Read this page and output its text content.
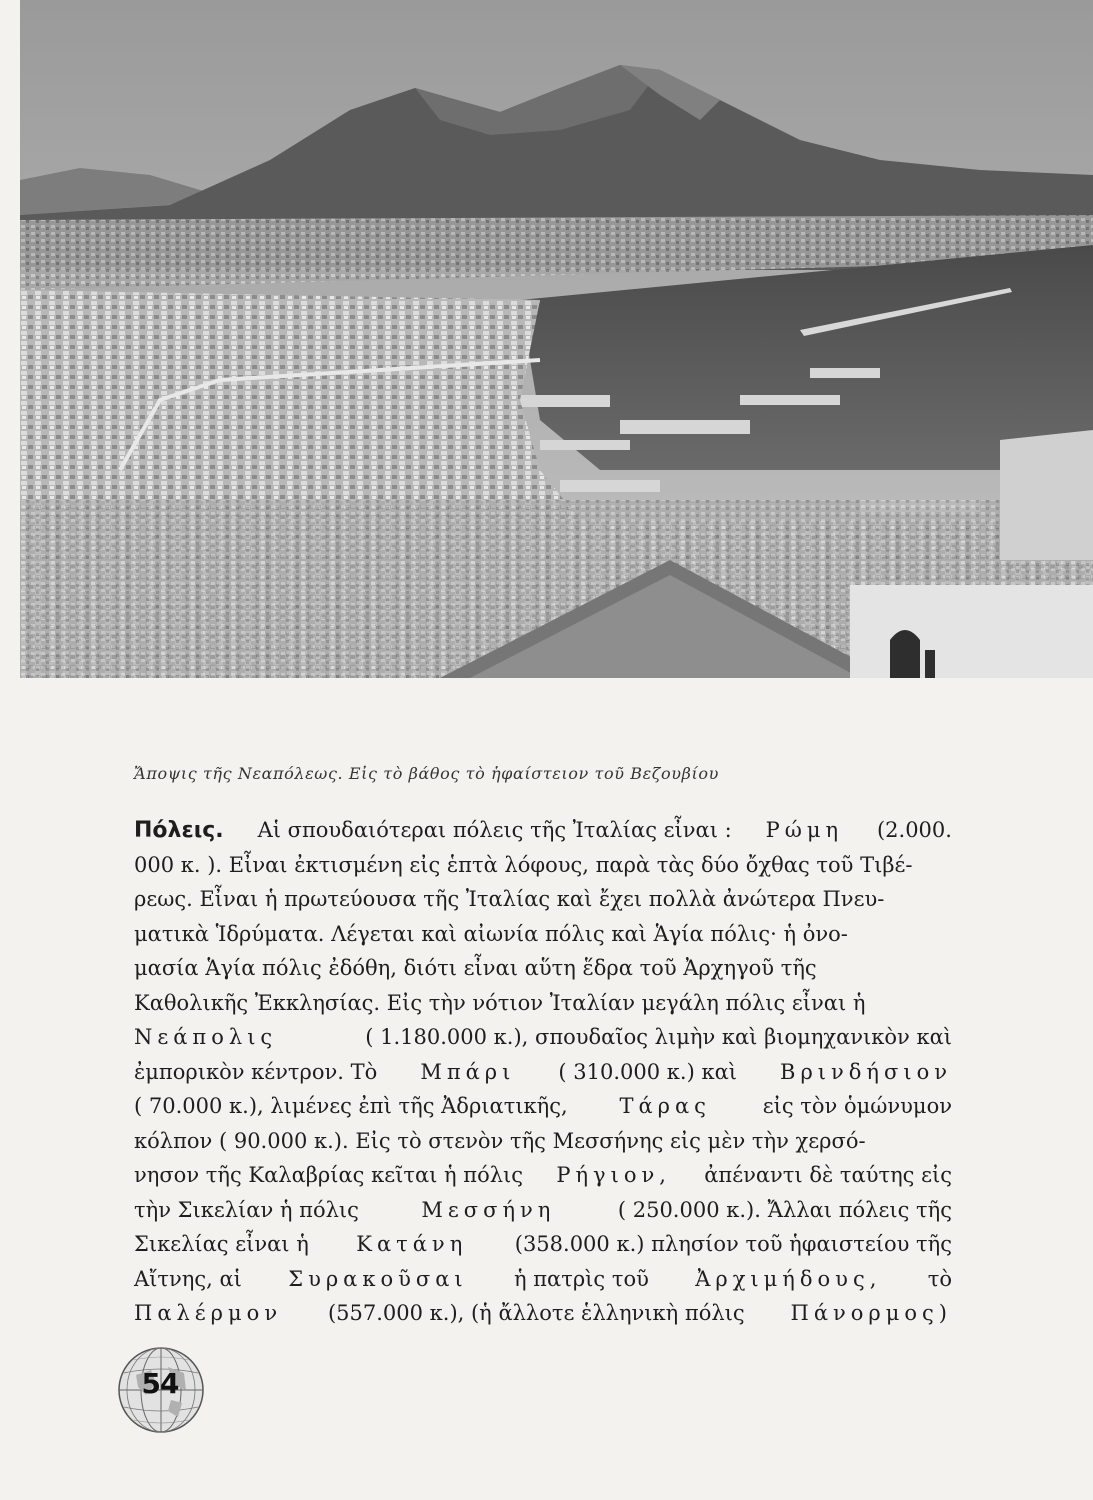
Ἄποψις τῆς Νεαπόλεως. Εἰς τὸ βάθος τὸ ἡφαίστειον τοῦ Βεζουβίου
Πόλεις. Αἱ σπουδαιότεραι πόλεις τῆς Ἰταλίας εἶναι : Ρώμη (2.000.
000 κ. ). Εἶναι ἐκτισμένη εἰς ἑπτὰ λόφους, παρὰ τὰς δύο ὄχθας τοῦ Τιβέ-
ρεως. Εἶναι ἡ πρωτεύουσα τῆς Ἰταλίας καὶ ἔχει πολλὰ ἀνώτερα Πνευ-
ματικὰ Ἱδρύματα. Λέγεται καὶ αἰωνία πόλις καὶ Ἁγία πόλις· ἡ ὀνο-
μασία Ἁγία πόλις ἐδόθη, διότι εἶναι αὕτη ἕδρα τοῦ Ἀρχηγοῦ τῆς
Καθολικῆς Ἐκκλησίας. Εἰς τὴν νότιον Ἰταλίαν μεγάλη πόλις εἶναι ἡ
Νεάπολις	( 1.180.000 κ.), σπουδαῖος λιμὴν καὶ βιομηχανικὸν καὶ
ἐμπορικὸν κέντρον. Τὸ Μπάρι ( 310.000 κ.) καὶ Βρινδήσιον
( 70.000 κ.), λιμένες ἐπὶ τῆς Ἀδριατικῆς, Τάρας εἰς τὸν ὁμώνυμον
κόλπον ( 90.000 κ.). Εἰς τὸ στενὸν τῆς Μεσσήνης εἰς μὲν τὴν χερσό-
νησον τῆς Καλαβρίας κεῖται ἡ πόλις Ρήγιον, ἀπέναντι δὲ ταύτης εἰς
τὴν Σικελίαν ἡ πόλις	Μεσσήνη	( 250.000 κ.). Ἄλλαι πόλεις τῆς
Σικελίας εἶναι ἡ Κατάνη (358.000 κ.) πλησίον τοῦ ἡφαιστείου τῆς
Αἴτνης, αἱ Συρακοῦσαι ἡ πατρὶς τοῦ Ἀρχιμήδους, τὸ
Παλέρμον (557.000 κ.), (ἡ ἄλλοτε ἑλληνικὴ πόλις Πάνορμος)
54
